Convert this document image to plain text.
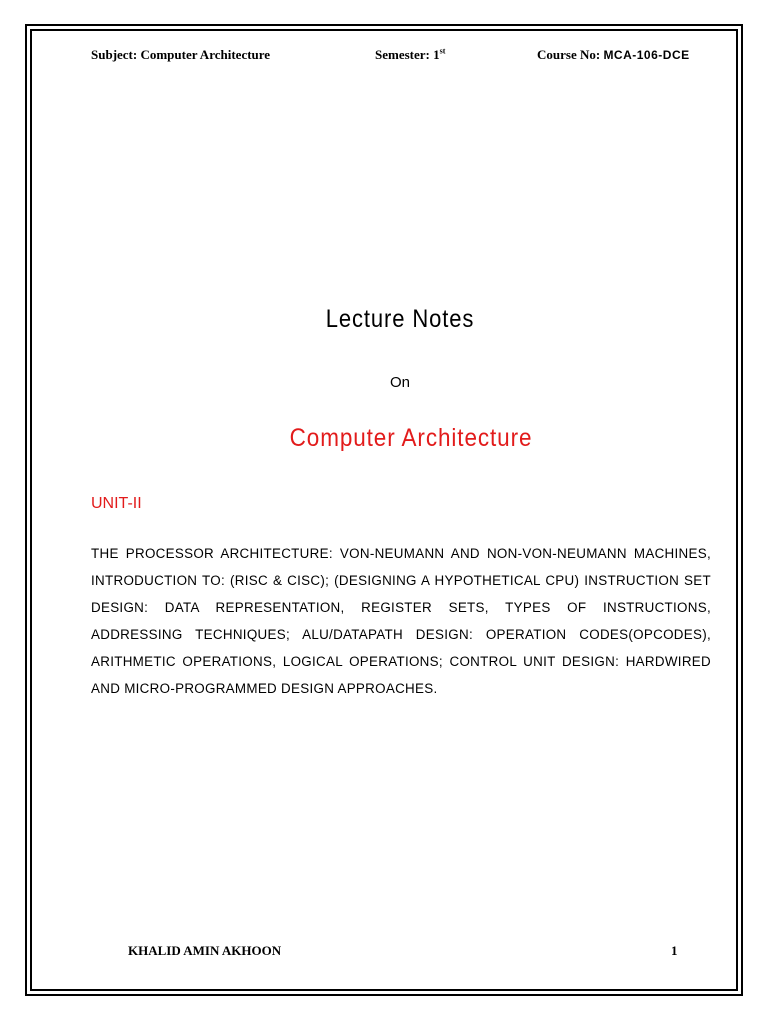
Subject: Computer Architecture	Semester: 1st	Course No: MCA-106-DCE
Lecture Notes
On
Computer Architecture
UNIT-II
THE PROCESSOR ARCHITECTURE: VON-NEUMANN AND NON-VON-NEUMANN MACHINES, INTRODUCTION TO: (RISC & CISC); (DESIGNING A HYPOTHETICAL CPU) INSTRUCTION SET DESIGN: DATA REPRESENTATION, REGISTER SETS, TYPES OF INSTRUCTIONS, ADDRESSING TECHNIQUES; ALU/DATAPATH DESIGN: OPERATION CODES(OPCODES), ARITHMETIC OPERATIONS, LOGICAL OPERATIONS; CONTROL UNIT DESIGN: HARDWIRED AND MICRO-PROGRAMMED DESIGN APPROACHES.
KHALID AMIN AKHOON	1
